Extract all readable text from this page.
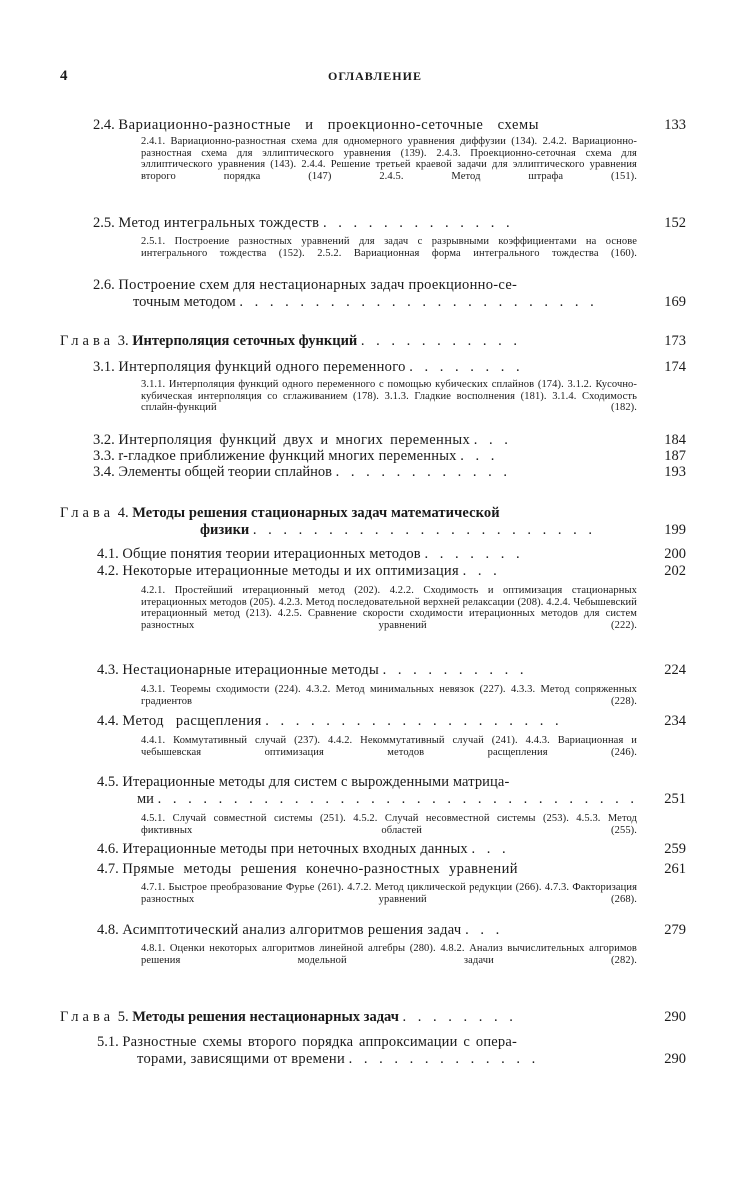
4	ОГЛАВЛЕНИЕ
2.4. Вариационно-разностные и проекционно-сеточные схемы	133
2.4.1. Вариационно-разностная схема для одномерного уравнения диффузии (134). 2.4.2. Вариационно-разностная схема для эллиптического уравнения (139). 2.4.3. Проекционно-сеточная схема для эллиптического уравнения (143). 2.4.4. Решение третьей краевой задачи для эллиптического уравнения второго порядка (147) 2.4.5. Метод штрафа (151).
2.5. Метод интегральных тождеств . . . . . . . . . . . . .	152
2.5.1. Построение разностных уравнений для задач с разрывными коэффициентами на основе интегрального тождества (152). 2.5.2. Вариационная форма интегрального тождества (160).
2.6. Построение схем для нестационарных задач проекционно-се-
точным методом . . . . . . . . . . . . . . . . . . . . . . . .	169
Глава 3. Интерполяция сеточных функций . . . . . . . . . . .	173
3.1. Интерполяция функций одного переменного . . . . . . . .	174
3.1.1. Интерполяция функций одного переменного с помощью кубических сплайнов (174). 3.1.2. Кусочно-кубическая интерполяция со сглаживанием (178). 3.1.3. Гладкие восполнения (181). 3.1.4. Сходимость сплайн-функций (182).
3.2. Интерполяция функций двух и многих переменных . . .	184
3.3. r-гладкое приближение функций многих переменных . . .	187
3.4. Элементы общей теории сплайнов . . . . . . . . . . . .	193
Глава 4. Методы решения стационарных задач математической
физики . . . . . . . . . . . . . . . . . . . . . . .	199
4.1. Общие понятия теории итерационных методов . . . . . . .	200
4.2. Некоторые итерационные методы и их оптимизация . . .	202
4.2.1. Простейший итерационный метод (202). 4.2.2. Сходимость и оптимизация стационарных итерационных методов (205). 4.2.3. Метод последовательной верхней релаксации (208). 4.2.4. Чебышевский итерационный метод (213). 4.2.5. Сравнение скорости сходимости итерационных методов для систем разностных уравнений (222).
4.3. Нестационарные итерационные методы . . . . . . . . . .	224
4.3.1. Теоремы сходимости (224). 4.3.2. Метод минимальных невязок (227). 4.3.3. Метод сопряженных градиентов (228).
4.4. Метод расщепления . . . . . . . . . . . . . . . . . . . .	234
4.4.1. Коммутативный случай (237). 4.4.2. Некоммутативный случай (241). 4.4.3. Вариационная и чебышевская оптимизация методов расщепления (246).
4.5. Итерационные методы для систем с вырожденными матрица-
ми . . . . . . . . . . . . . . . . . . . . . . . . . . . . . . . . 251
4.5.1. Случай совместной системы (251). 4.5.2. Случай несовместной системы (253). 4.5.3. Метод фиктивных областей (255).
4.6. Итерационные методы при неточных входных данных . . .	259
4.7. Прямые методы решения конечно-разностных уравнений	261
4.7.1. Быстрое преобразование Фурье (261). 4.7.2. Метод циклической редукции (266). 4.7.3. Факторизация разностных уравнений (268).
4.8. Асимптотический анализ алгоритмов решения задач . . .	279
4.8.1. Оценки некоторых алгоритмов линейной алгебры (280). 4.8.2. Анализ вычислительных алгоримов решения модельной задачи (282).
Глава 5. Методы решения нестационарных задач . . . . . . . .	290
5.1. Разностные схемы второго порядка аппроксимации с опера-
торами, зависящими от времени . . . . . . . . . . . . .	290
